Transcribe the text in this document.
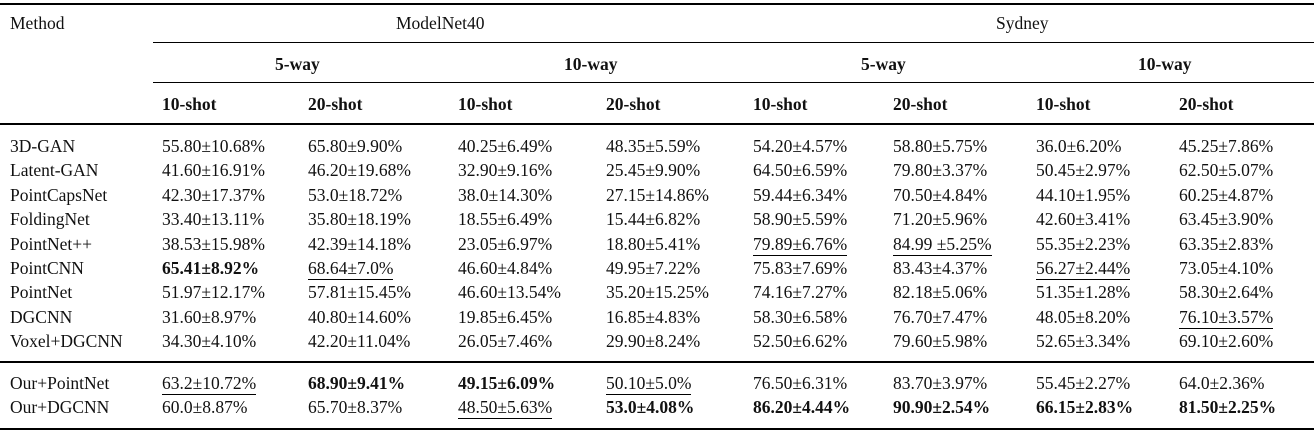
Method	ModelNet40	Sydney
5-way	10-way	5-way	10-way
10-shot	20-shot	10-shot	20-shot	10-shot	20-shot	10-shot	20-shot
3D-GAN	55.80±10.68% 65.80±9.90%	40.25±6.49%	48.35±5.59%	54.20±4.57%	58.80±5.75%	36.0±6.20%	45.25±7.86%
Latent-GAN	41.60±16.91% 46.20±19.68%	32.90±9.16%	25.45±9.90%	64.50±6.59%	79.80±3.37%	50.45±2.97%	62.50±5.07%
PointCapsNet	42.30±17.37% 53.0±18.72%	38.0±14.30%	27.15±14.86%	59.44±6.34%	70.50±4.84%	44.10±1.95%	60.25±4.87%
FoldingNet	33.40±13.11% 35.80±18.19%	18.55±6.49%	15.44±6.82%	58.90±5.59%	71.20±5.96%	42.60±3.41%	63.45±3.90%
PointNet++	38.53±15.98% 42.39±14.18%	23.05±6.97%	18.80±5.41%	79.89±6.76%	84.99 ±5.25%	55.35±2.23%	63.35±2.83%
PointCNN	65.41±8.92%	68.64±7.0%	46.60±4.84%	49.95±7.22%	75.83±7.69%	83.43±4.37%	56.27±2.44%	73.05±4.10%
PointNet	51.97±12.17% 57.81±15.45%	46.60±13.54%	35.20±15.25%	74.16±7.27%	82.18±5.06%	51.35±1.28%	58.30±2.64%
DGCNN	31.60±8.97%	40.80±14.60%	19.85±6.45%	16.85±4.83%	58.30±6.58%	76.70±7.47%	48.05±8.20%	76.10±3.57%
Voxel+DGCNN 34.30±4.10%	42.20±11.04%	26.05±7.46%	29.90±8.24%	52.50±6.62%	79.60±5.98%	52.65±3.34%	69.10±2.60%
Our+PointNet	63.2±10.72%	68.90±9.41%	49.15±6.09%	50.10±5.0%	76.50±6.31%	83.70±3.97%	55.45±2.27%	64.0±2.36%
Our+DGCNN	60.0±8.87%	65.70±8.37%	48.50±5.63%	53.0±4.08%	86.20±4.44% 90.90±2.54%	66.15±2.83%	81.50±2.25%
